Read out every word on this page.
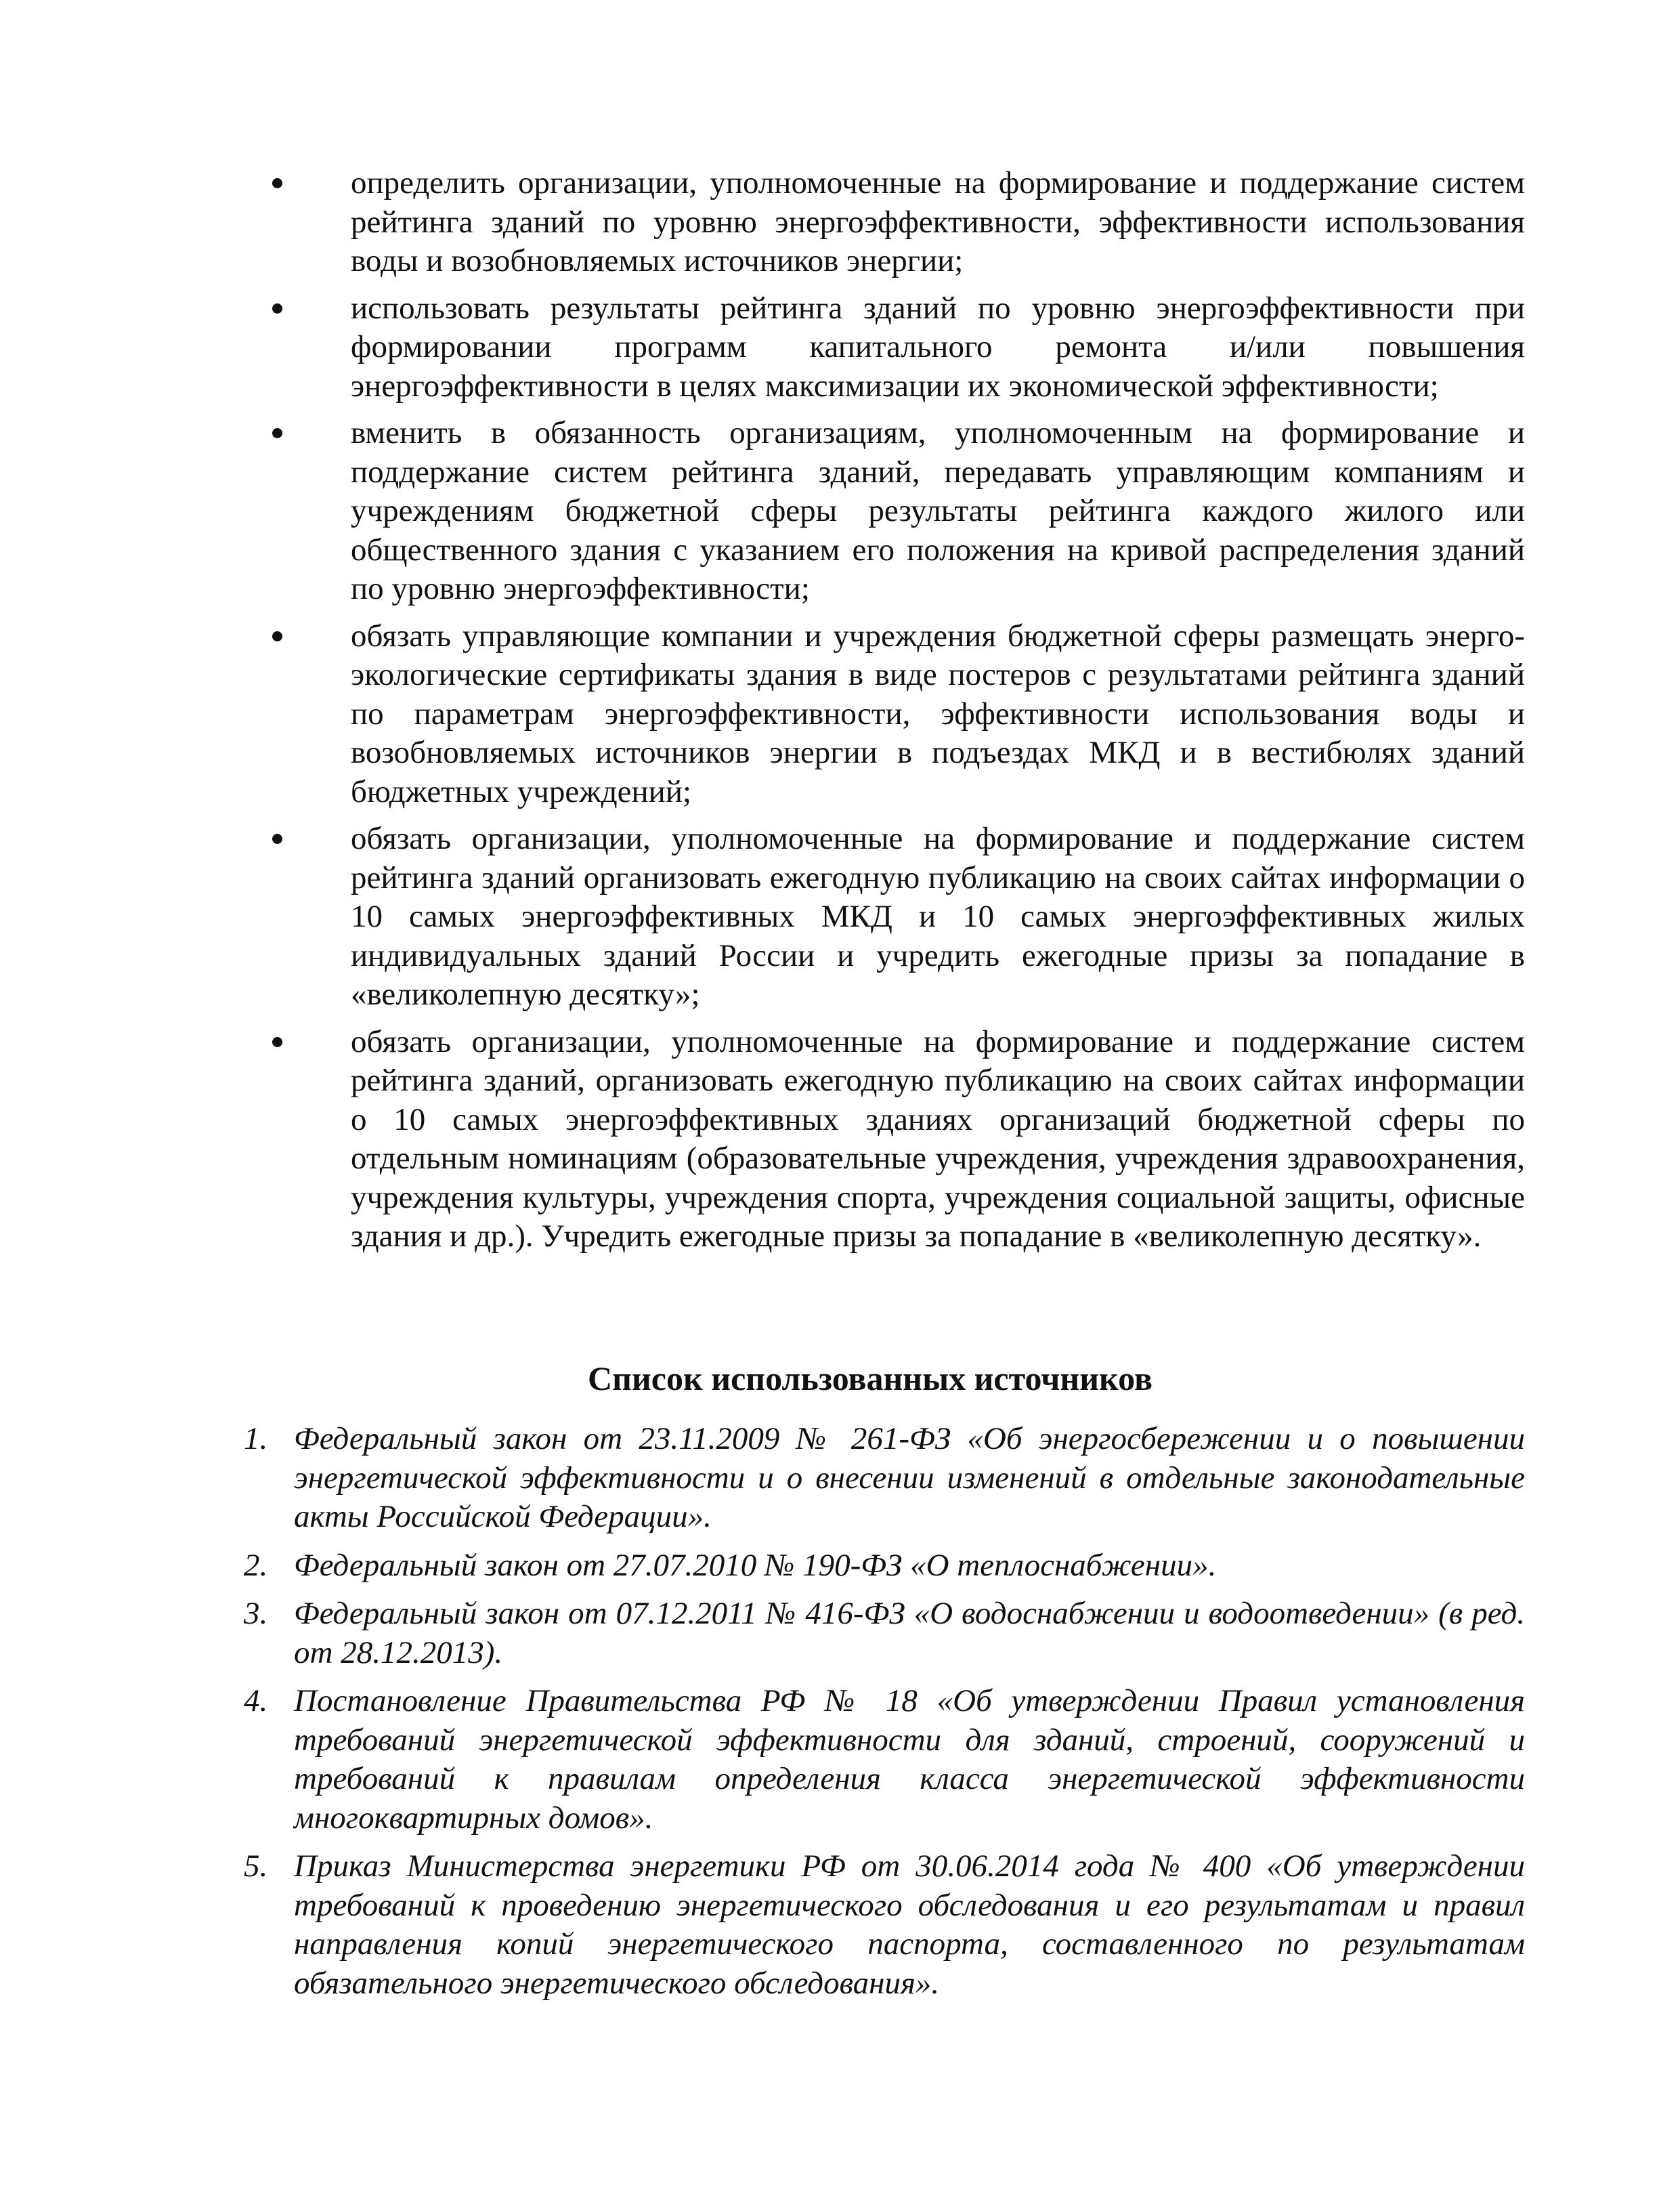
определить организации, уполномоченные на формирование и поддержание систем рейтинга зданий по уровню энергоэффективности, эффективности использования воды и возобновляемых источников энергии;
использовать результаты рейтинга зданий по уровню энергоэффективности при формировании программ капитального ремонта и/или повышения энергоэффективности в целях максимизации их экономической эффективности;
вменить в обязанность организациям, уполномоченным на формирование и поддержание систем рейтинга зданий, передавать управляющим компаниям и учреждениям бюджетной сферы результаты рейтинга каждого жилого или общественного здания с указанием его положения на кривой распределения зданий по уровню энергоэффективности;
обязать управляющие компании и учреждения бюджетной сферы размещать энерго-экологические сертификаты здания в виде постеров с результатами рейтинга зданий по параметрам энергоэффективности, эффективности использования воды и возобновляемых источников энергии в подъездах МКД и в вестибюлях зданий бюджетных учреждений;
обязать организации, уполномоченные на формирование и поддержание систем рейтинга зданий организовать ежегодную публикацию на своих сайтах информации о 10 самых энергоэффективных МКД и 10 самых энергоэффективных жилых индивидуальных зданий России и учредить ежегодные призы за попадание в «великолепную десятку»;
обязать организации, уполномоченные на формирование и поддержание систем рейтинга зданий, организовать ежегодную публикацию на своих сайтах информации о 10 самых энергоэффективных зданиях организаций бюджетной сферы по отдельным номинациям (образовательные учреждения, учреждения здравоохранения, учреждения культуры, учреждения спорта, учреждения социальной защиты, офисные здания и др.). Учредить ежегодные призы за попадание в «великолепную десятку».
Список использованных источников
1. Федеральный закон от 23.11.2009 № 261-ФЗ «Об энергосбережении и о повышении энергетической эффективности и о внесении изменений в отдельные законодательные акты Российской Федерации».
2. Федеральный закон от 27.07.2010 № 190-ФЗ «О теплоснабжении».
3. Федеральный закон от 07.12.2011 № 416-ФЗ «О водоснабжении и водоотведении» (в ред. от 28.12.2013).
4. Постановление Правительства РФ № 18 «Об утверждении Правил установления требований энергетической эффективности для зданий, строений, сооружений и требований к правилам определения класса энергетической эффективности многоквартирных домов».
5. Приказ Министерства энергетики РФ от 30.06.2014 года № 400 «Об утверждении требований к проведению энергетического обследования и его результатам и правил направления копий энергетического паспорта, составленного по результатам обязательного энергетического обследования».
